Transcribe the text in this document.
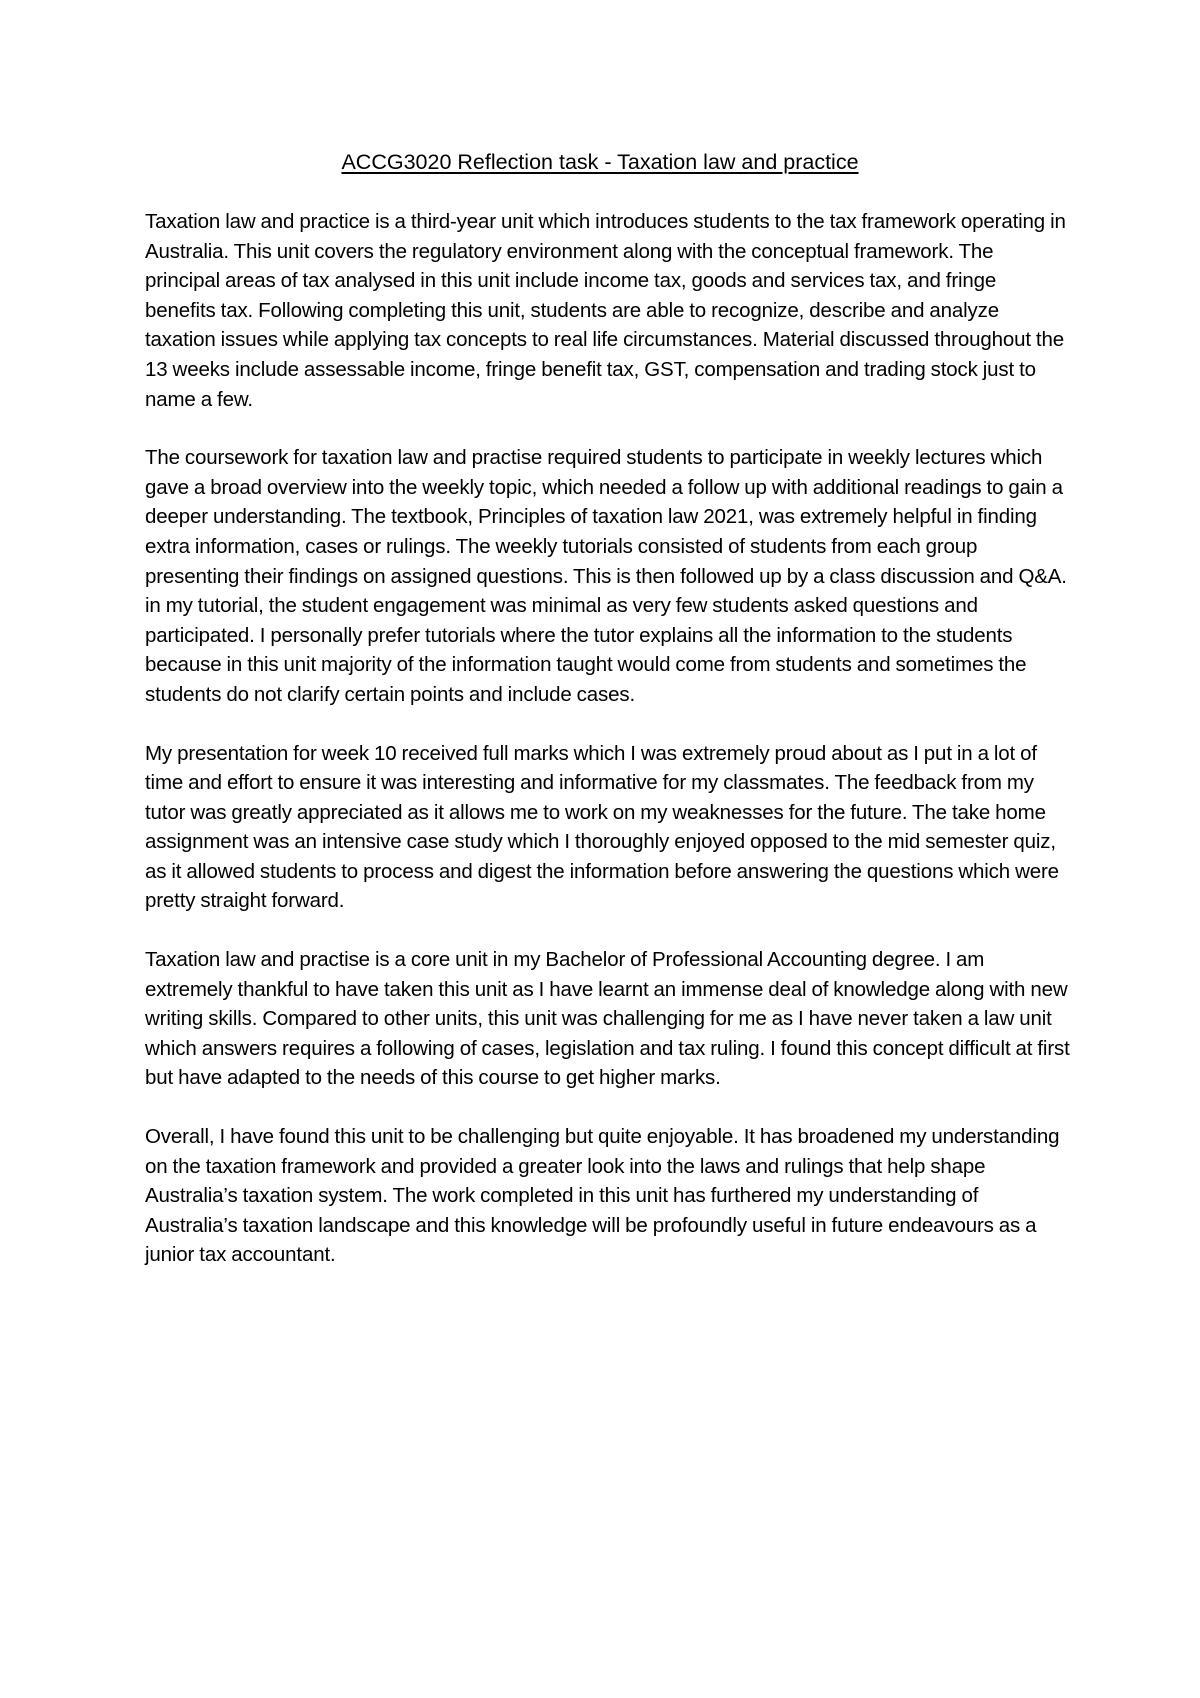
ACCG3020 Reflection task - Taxation law and practice

Taxation law and practice is a third-year unit which introduces students to the tax framework operating in Australia. This unit covers the regulatory environment along with the conceptual framework. The principal areas of tax analysed in this unit include income tax, goods and services tax, and fringe benefits tax. Following completing this unit, students are able to recognize, describe and analyze taxation issues while applying tax concepts to real life circumstances. Material discussed throughout the 13 weeks include assessable income, fringe benefit tax, GST, compensation and trading stock just to name a few.

The coursework for taxation law and practise required students to participate in weekly lectures which gave a broad overview into the weekly topic, which needed a follow up with additional readings to gain a deeper understanding. The textbook, Principles of taxation law 2021, was extremely helpful in finding extra information, cases or rulings. The weekly tutorials consisted of students from each group presenting their findings on assigned questions. This is then followed up by a class discussion and Q&A. in my tutorial, the student engagement was minimal as very few students asked questions and participated. I personally prefer tutorials where the tutor explains all the information to the students because in this unit majority of the information taught would come from students and sometimes the students do not clarify certain points and include cases.

My presentation for week 10 received full marks which I was extremely proud about as I put in a lot of time and effort to ensure it was interesting and informative for my classmates. The feedback from my tutor was greatly appreciated as it allows me to work on my weaknesses for the future. The take home assignment was an intensive case study which I thoroughly enjoyed opposed to the mid semester quiz, as it allowed students to process and digest the information before answering the questions which were pretty straight forward.

Taxation law and practise is a core unit in my Bachelor of Professional Accounting degree. I am extremely thankful to have taken this unit as I have learnt an immense deal of knowledge along with new writing skills. Compared to other units, this unit was challenging for me as I have never taken a law unit which answers requires a following of cases, legislation and tax ruling. I found this concept difficult at first but have adapted to the needs of this course to get higher marks.

Overall, I have found this unit to be challenging but quite enjoyable. It has broadened my understanding on the taxation framework and provided a greater look into the laws and rulings that help shape Australia’s taxation system. The work completed in this unit has furthered my understanding of Australia’s taxation landscape and this knowledge will be profoundly useful in future endeavours as a junior tax accountant.
